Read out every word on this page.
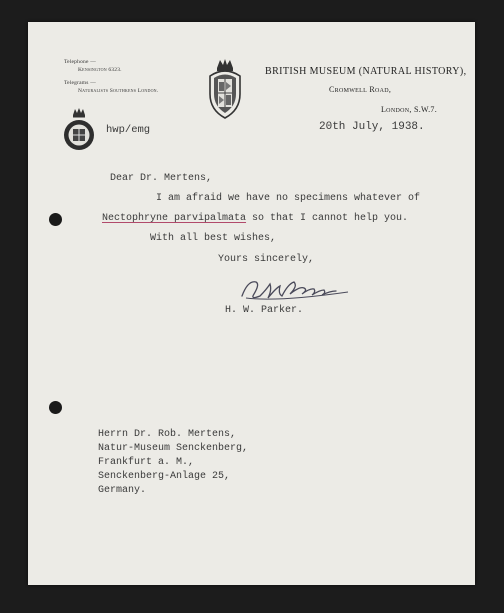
Telephone —
Kensington 6323.
Telegrams —
Naturalists Southkens London.
BRITISH MUSEUM (NATURAL HISTORY),
Cromwell Road,
London, S.W.7.
hwp/emg	20th July, 1938.
Dear Dr. Mertens,
I am afraid we have no specimens whatever of
Nectophryne parvipalmata so that I cannot help you.
With all best wishes,
Yours sincerely,
H. W. Parker.
Herrn Dr. Rob. Mertens,
Natur-Museum Senckenberg,
Frankfurt a. M.,
Senckenberg-Anlage 25,
Germany.
